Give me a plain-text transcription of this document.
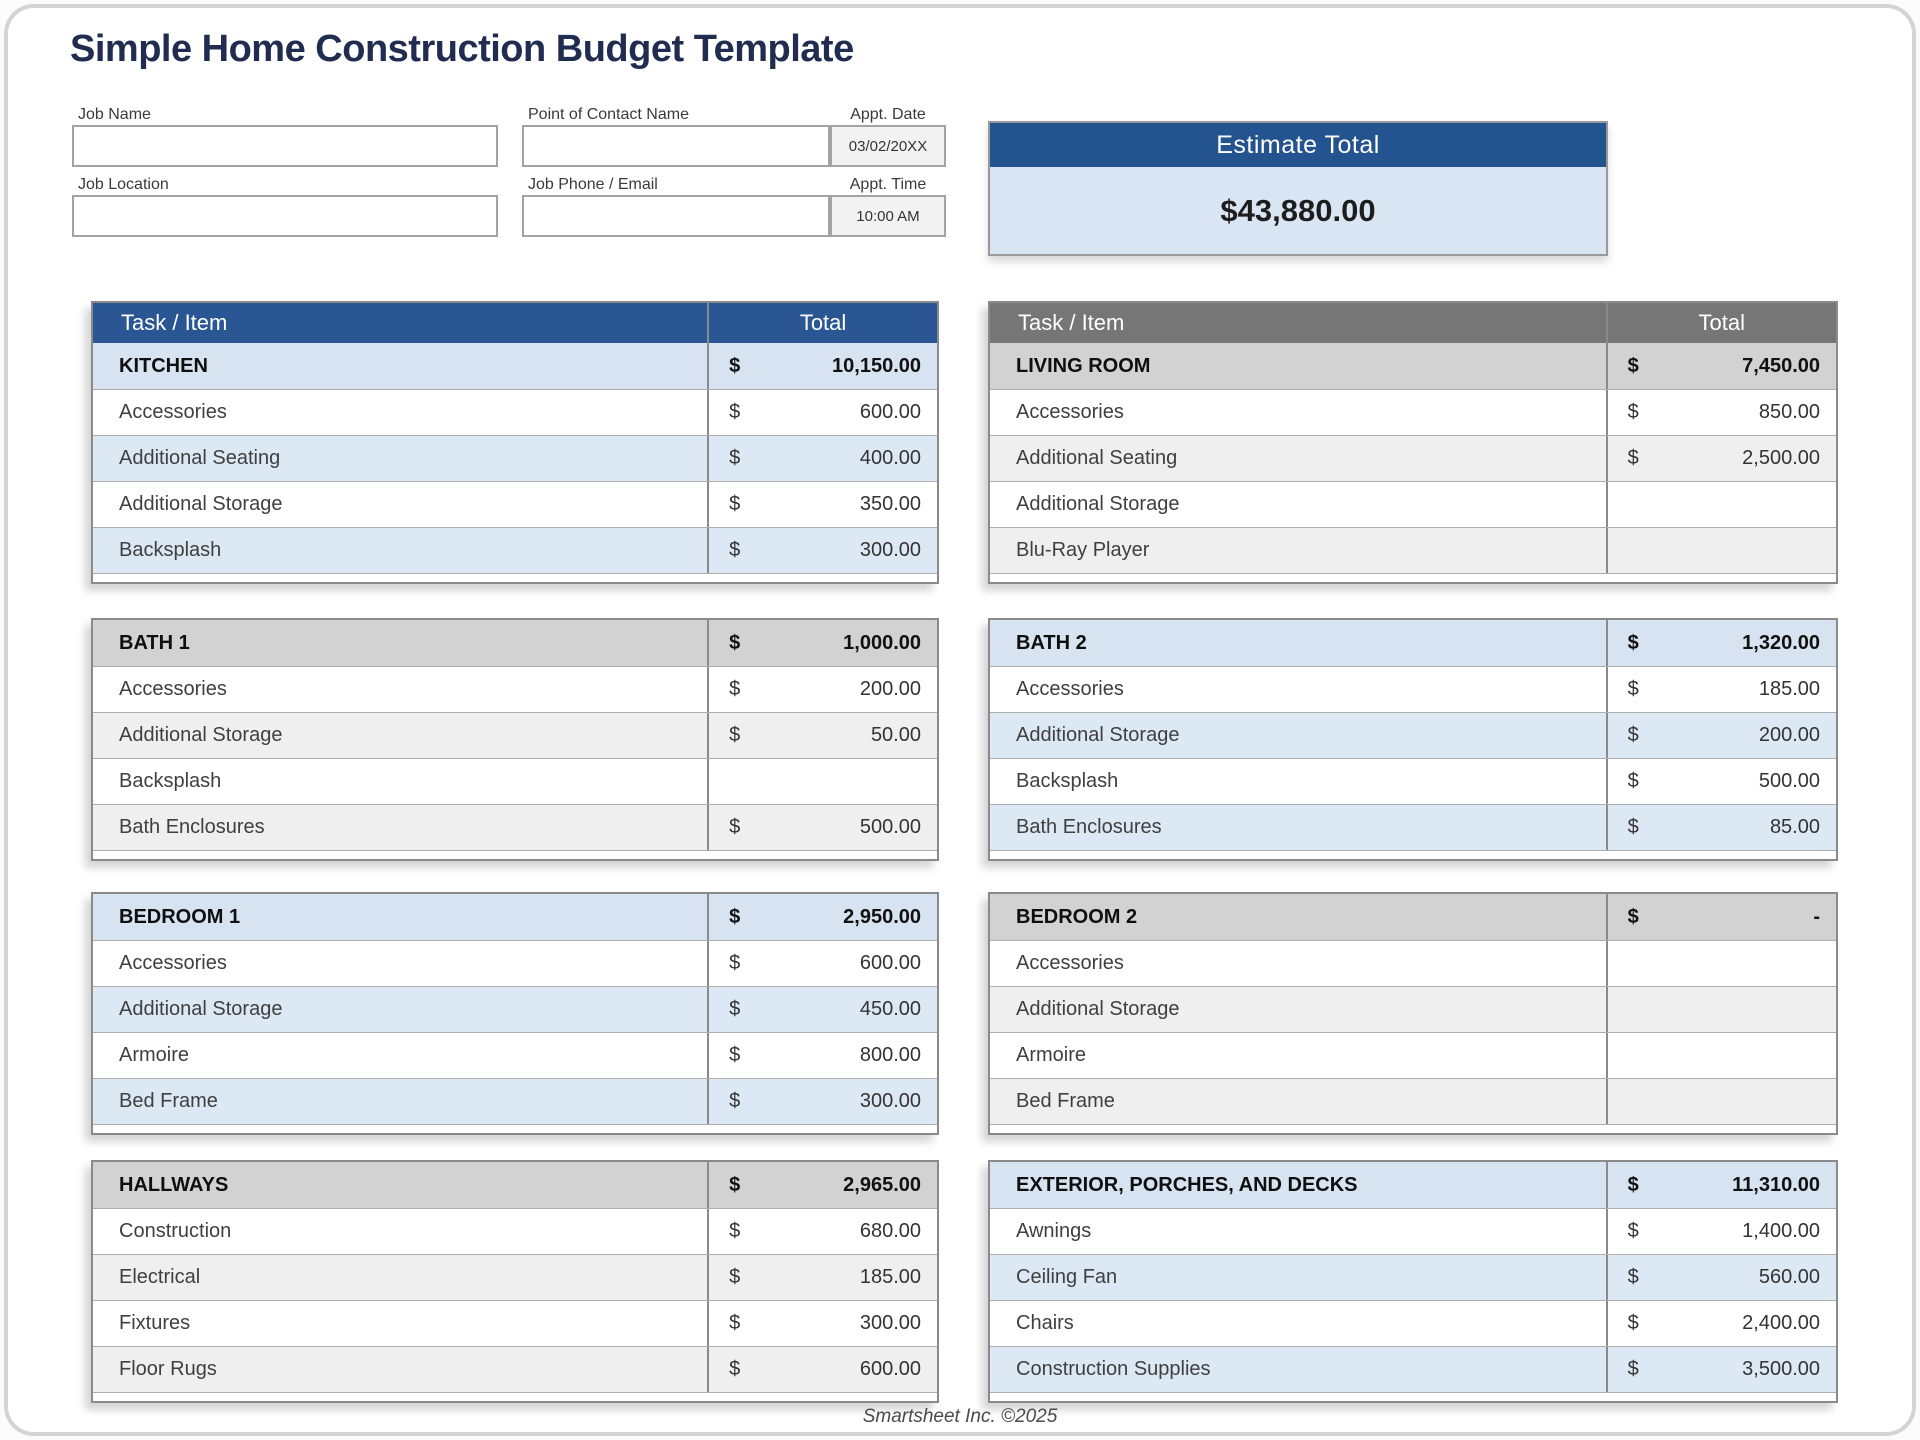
Simple Home Construction Budget Template
Job Name
Job Location
Point of Contact Name	Appt. Date
03/02/20XX
Job Phone / Email	Appt. Time
10:00 AM
Estimate Total
$43,880.00
Task / Item	Total
KITCHEN	$	10,150.00
Accessories	$	600.00
Additional Seating	$	400.00
Additional Storage	$	350.00
Backsplash	$	300.00
BATH 1	$	1,000.00
Accessories	$	200.00
Additional Storage	$	50.00
Backsplash
Bath Enclosures	$	500.00
BEDROOM 1	$	2,950.00
Accessories	$	600.00
Additional Storage	$	450.00
Armoire	$	800.00
Bed Frame	$	300.00
HALLWAYS	$	2,965.00
Construction	$	680.00
Electrical	$	185.00
Fixtures	$	300.00
Floor Rugs	$	600.00
Task / Item	Total
LIVING ROOM	$	7,450.00
Accessories	$	850.00
Additional Seating	$	2,500.00
Additional Storage
Blu-Ray Player
BATH 2	$	1,320.00
Accessories	$	185.00
Additional Storage	$	200.00
Backsplash	$	500.00
Bath Enclosures	$	85.00
BEDROOM 2	$	-
Accessories
Additional Storage
Armoire
Bed Frame
EXTERIOR, PORCHES, AND DECKS	$	11,310.00
Awnings	$	1,400.00
Ceiling Fan	$	560.00
Chairs	$	2,400.00
Construction Supplies	$	3,500.00
Smartsheet Inc. ©2025
